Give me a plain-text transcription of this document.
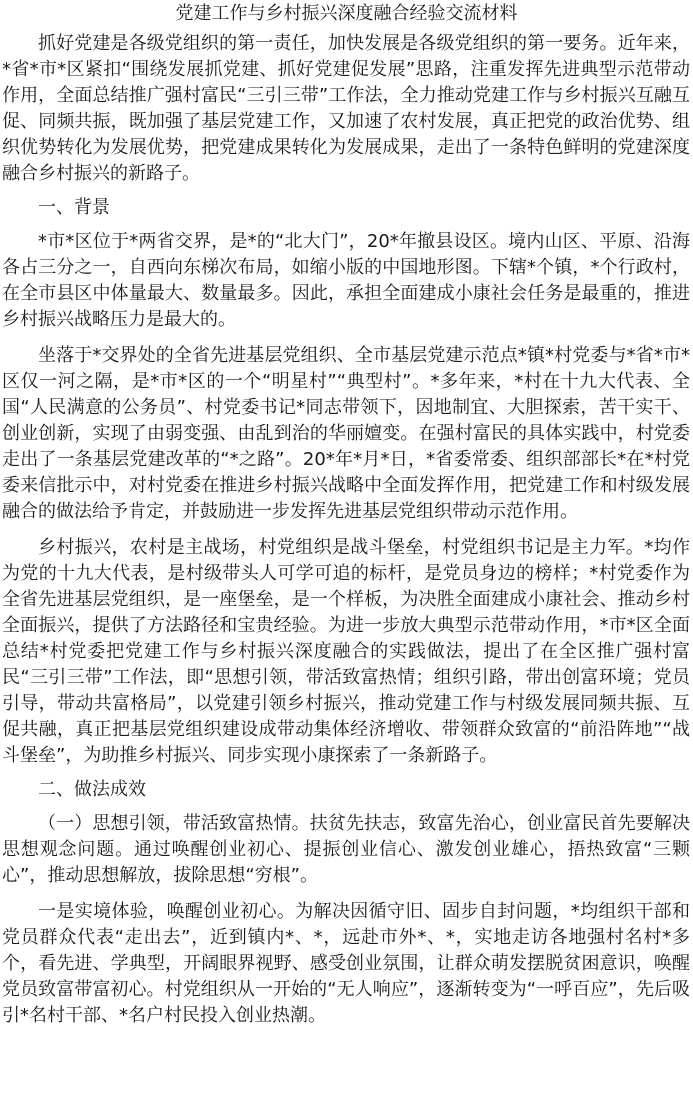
党建工作与乡村振兴深度融合经验交流材料

抓好党建是各级党组织的第一责任，加快发展是各级党组织的第一要务。近年来，*省*市*区紧扣“围绕发展抓党建、抓好党建促发展”思路，注重发挥先进典型示范带动作用，全面总结推广强村富民“三引三带”工作法，全力推动党建工作与乡村振兴互融互促、同频共振，既加强了基层党建工作，又加速了农村发展，真正把党的政治优势、组织优势转化为发展优势，把党建成果转化为发展成果，走出了一条特色鲜明的党建深度融合乡村振兴的新路子。

一、背景

*市*区位于*两省交界，是*的“北大门”，20*年撤县设区。境内山区、平原、沿海各占三分之一，自西向东梯次布局，如缩小版的中国地形图。下辖*个镇，*个行政村，在全市县区中体量最大、数量最多。因此，承担全面建成小康社会任务是最重的，推进乡村振兴战略压力是最大的。

坐落于*交界处的全省先进基层党组织、全市基层党建示范点*镇*村党委与*省*市*区仅一河之隔，是*市*区的一个“明星村”“典型村”。*多年来，*村在十九大代表、全国“人民满意的公务员”、村党委书记*同志带领下，因地制宜、大胆探索，苦干实干、创业创新，实现了由弱变强、由乱到治的华丽嬗变。在强村富民的具体实践中，村党委走出了一条基层党建改革的“*之路”。20*年*月*日，*省委常委、组织部部长*在*村党委来信批示中，对村党委在推进乡村振兴战略中全面发挥作用，把党建工作和村级发展融合的做法给予肯定，并鼓励进一步发挥先进基层党组织带动示范作用。

乡村振兴，农村是主战场，村党组织是战斗堡垒，村党组织书记是主力军。*均作为党的十九大代表，是村级带头人可学可追的标杆，是党员身边的榜样；*村党委作为全省先进基层党组织，是一座堡垒，是一个样板，为决胜全面建成小康社会、推动乡村全面振兴，提供了方法路径和宝贵经验。为进一步放大典型示范带动作用，*市*区全面总结*村党委把党建工作与乡村振兴深度融合的实践做法，提出了在全区推广强村富民“三引三带”工作法，即“思想引领，带活致富热情；组织引路，带出创富环境；党员引导，带动共富格局”，以党建引领乡村振兴，推动党建工作与村级发展同频共振、互促共融，真正把基层党组织建设成带动集体经济增收、带领群众致富的“前沿阵地”“战斗堡垒”，为助推乡村振兴、同步实现小康探索了一条新路子。

二、做法成效

（一）思想引领，带活致富热情。扶贫先扶志，致富先治心，创业富民首先要解决思想观念问题。通过唤醒创业初心、提振创业信心、激发创业雄心，捂热致富“三颗心”，推动思想解放，拔除思想“穷根”。

一是实境体验，唤醒创业初心。为解决因循守旧、固步自封问题，*均组织干部和党员群众代表“走出去”，近到镇内*、*，远赴市外*、*，实地走访各地强村名村*多个，看先进、学典型，开阔眼界视野、感受创业氛围，让群众萌发摆脱贫困意识，唤醒党员致富带富初心。村党组织从一开始的“无人响应”，逐渐转变为“一呼百应”，先后吸引*名村干部、*名户村民投入创业热潮。
